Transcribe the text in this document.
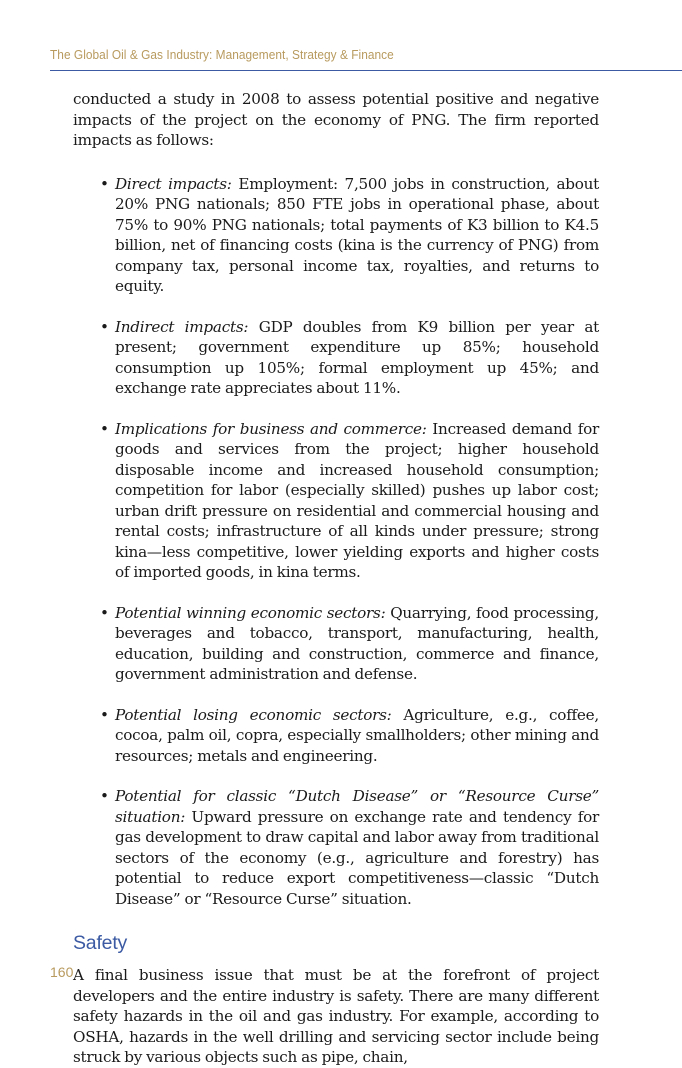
The Global Oil & Gas Industry: Management, Strategy & Finance

conducted a study in 2008 to assess potential positive and negative impacts of the project on the economy of PNG. The firm reported impacts as follows:

• Direct impacts: Employment: 7,500 jobs in construction, about 20% PNG nationals; 850 FTE jobs in operational phase, about 75% to 90% PNG nationals; total payments of K3 billion to K4.5 billion, net of financing costs (kina is the currency of PNG) from company tax, personal income tax, royalties, and returns to equity.

• Indirect impacts: GDP doubles from K9 billion per year at present; government expenditure up 85%; household consumption up 105%; formal employment up 45%; and exchange rate appreciates about 11%.

• Implications for business and commerce: Increased demand for goods and services from the project; higher household disposable income and increased household consumption; competition for labor (especially skilled) pushes up labor cost; urban drift pressure on residential and commercial housing and rental costs; infrastructure of all kinds under pressure; strong kina—less competitive, lower yielding exports and higher costs of imported goods, in kina terms.

• Potential winning economic sectors: Quarrying, food processing, beverages and tobacco, transport, manufacturing, health, education, building and construction, commerce and finance, government administration and defense.

• Potential losing economic sectors: Agriculture, e.g., coffee, cocoa, palm oil, copra, especially smallholders; other mining and resources; metals and engineering.

• Potential for classic “Dutch Disease” or “Resource Curse” situation: Upward pressure on exchange rate and tendency for gas development to draw capital and labor away from traditional sectors of the economy (e.g., agriculture and forestry) has potential to reduce export competitiveness—classic “Dutch Disease” or “Resource Curse” situation.

Safety

A final business issue that must be at the forefront of project developers and the entire industry is safety. There are many different safety hazards in the oil and gas industry. For example, according to OSHA, hazards in the well drilling and servicing sector include being struck by various objects such as pipe, chain,

160
